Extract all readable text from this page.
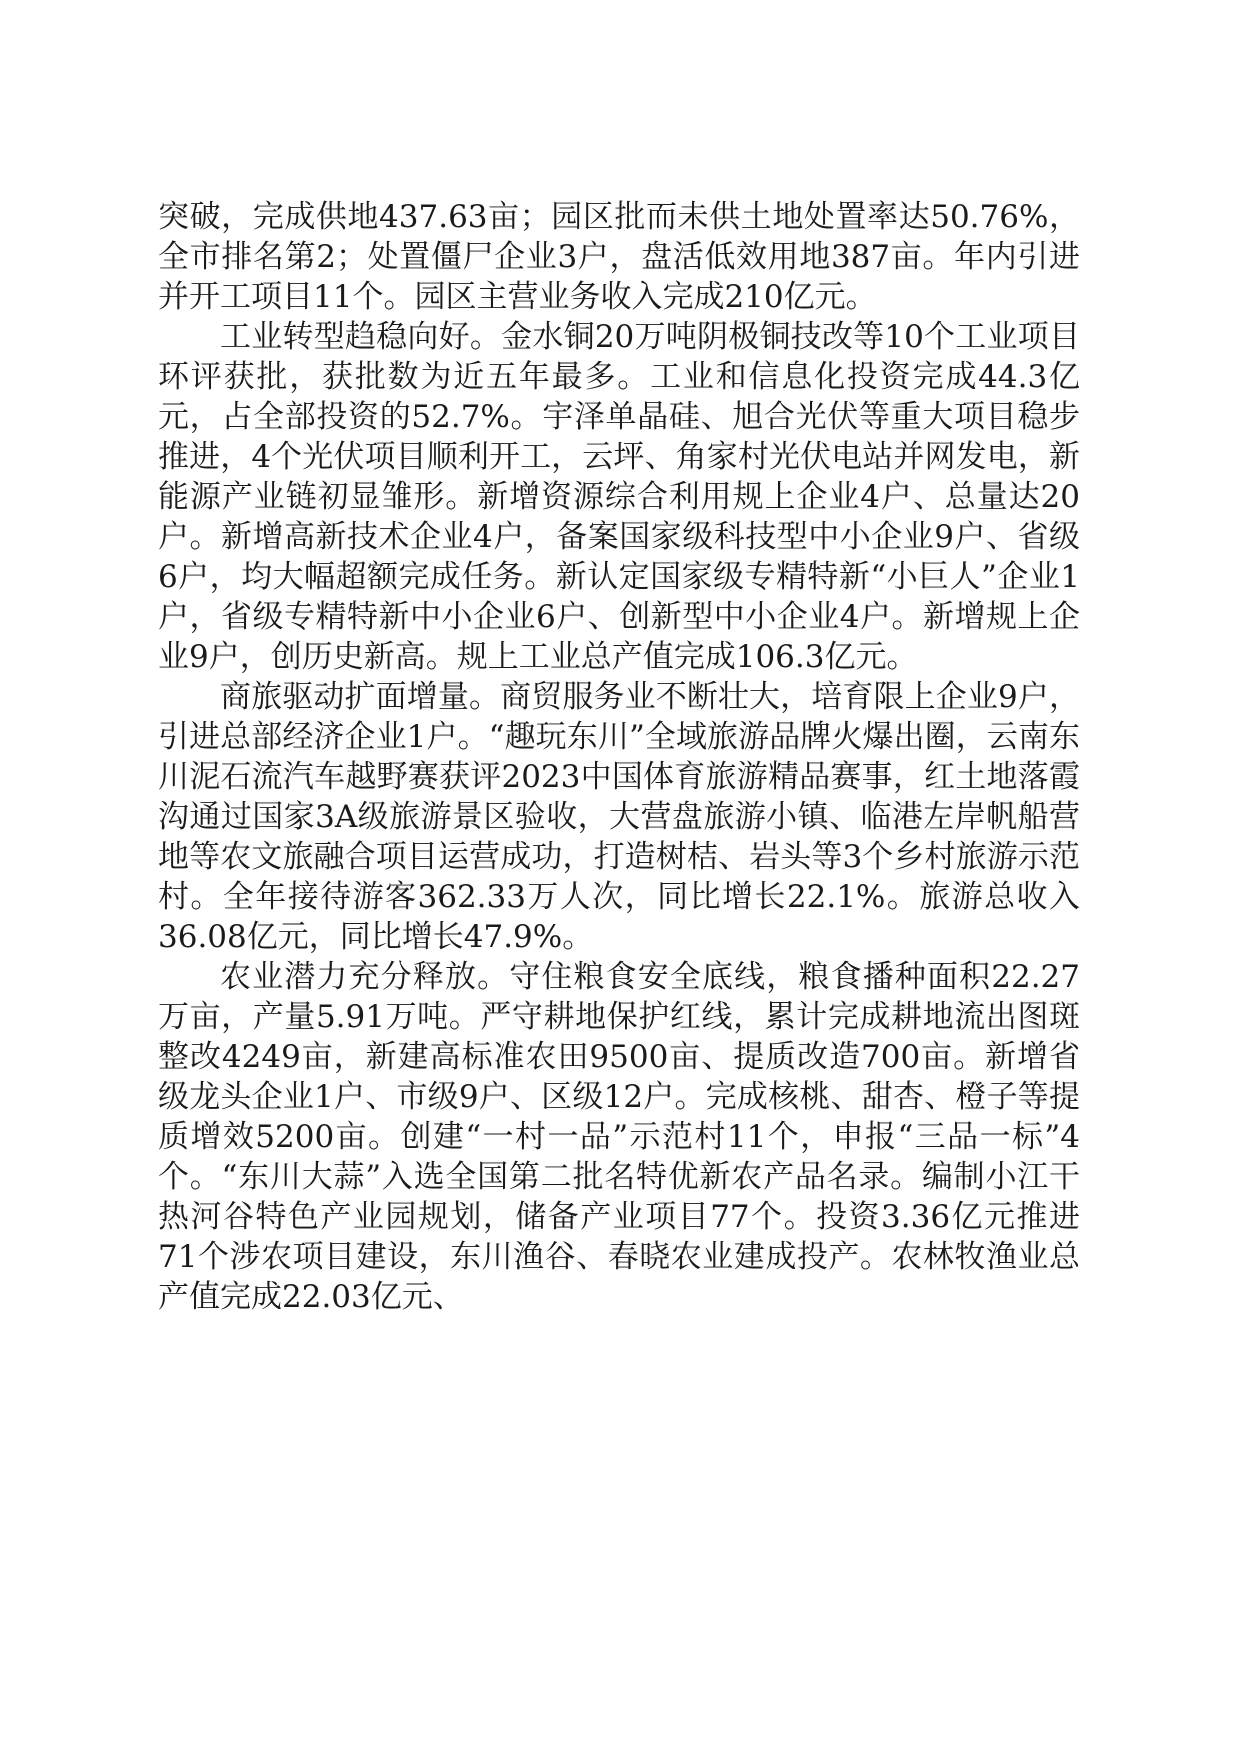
突破，完成供地437.63亩；园区批而未供土地处置率达50.76%，全市排名第2；处置僵尸企业3户，盘活低效用地387亩。年内引进并开工项目11个。园区主营业务收入完成210亿元。

工业转型趋稳向好。金水铜20万吨阴极铜技改等10个工业项目环评获批，获批数为近五年最多。工业和信息化投资完成44.3亿元，占全部投资的52.7%。宇泽单晶硅、旭合光伏等重大项目稳步推进，4个光伏项目顺利开工，云坪、角家村光伏电站并网发电，新能源产业链初显雏形。新增资源综合利用规上企业4户、总量达20户。新增高新技术企业4户，备案国家级科技型中小企业9户、省级6户，均大幅超额完成任务。新认定国家级专精特新“小巨人”企业1户，省级专精特新中小企业6户、创新型中小企业4户。新增规上企业9户，创历史新高。规上工业总产值完成106.3亿元。

商旅驱动扩面增量。商贸服务业不断壮大，培育限上企业9户，引进总部经济企业1户。“趣玩东川”全域旅游品牌火爆出圈，云南东川泥石流汽车越野赛获评2023中国体育旅游精品赛事，红土地落霞沟通过国家3A级旅游景区验收，大营盘旅游小镇、临港左岸帆船营地等农文旅融合项目运营成功，打造树桔、岩头等3个乡村旅游示范村。全年接待游客362.33万人次，同比增长22.1%。旅游总收入36.08亿元，同比增长47.9%。

农业潜力充分释放。守住粮食安全底线，粮食播种面积22.27万亩，产量5.91万吨。严守耕地保护红线，累计完成耕地流出图斑整改4249亩，新建高标准农田9500亩、提质改造700亩。新增省级龙头企业1户、市级9户、区级12户。完成核桃、甜杏、橙子等提质增效5200亩。创建“一村一品”示范村11个，申报“三品一标”4个。“东川大蒜”入选全国第二批名特优新农产品名录。编制小江干热河谷特色产业园规划，储备产业项目77个。投资3.36亿元推进71个涉农项目建设，东川渔谷、春晓农业建成投产。农林牧渔业总产值完成22.03亿元、
